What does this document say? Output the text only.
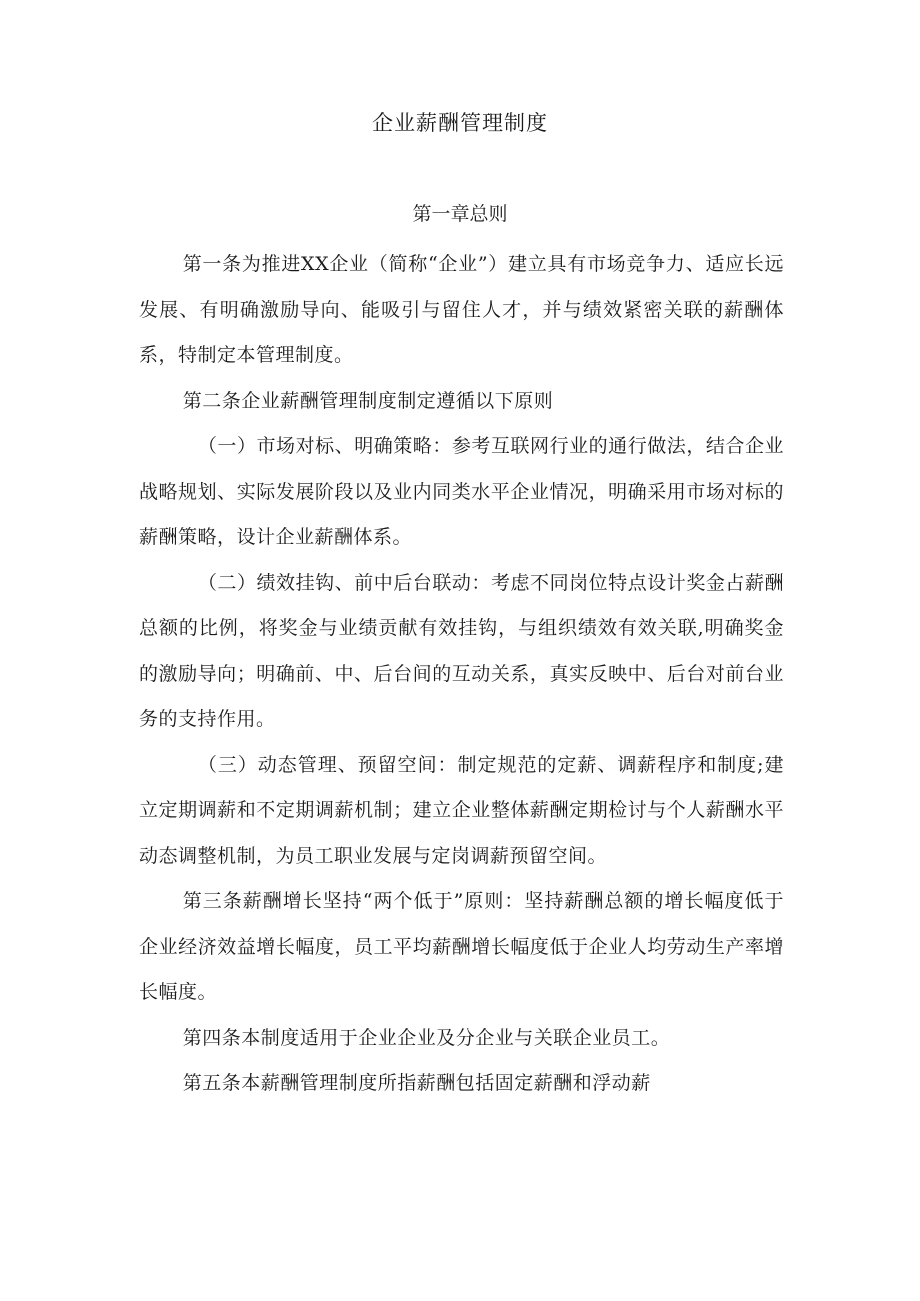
企业薪酬管理制度
第一章总则

第一条为推进XX企业（简称“企业”）建立具有市场竞争力、适应长远发展、有明确激励导向、能吸引与留住人才，并与绩效紧密关联的薪酬体系，特制定本管理制度。

第二条企业薪酬管理制度制定遵循以下原则

（一）市场对标、明确策略：参考互联网行业的通行做法，结合企业战略规划、实际发展阶段以及业内同类水平企业情况，明确采用市场对标的薪酬策略，设计企业薪酬体系。

（二）绩效挂钩、前中后台联动：考虑不同岗位特点设计奖金占薪酬总额的比例，将奖金与业绩贡献有效挂钩，与组织绩效有效关联,明确奖金的激励导向；明确前、中、后台间的互动关系，真实反映中、后台对前台业务的支持作用。

（三）动态管理、预留空间：制定规范的定薪、调薪程序和制度;建立定期调薪和不定期调薪机制；建立企业整体薪酬定期检讨与个人薪酬水平动态调整机制，为员工职业发展与定岗调薪预留空间。

第三条薪酬增长坚持“两个低于”原则：坚持薪酬总额的增长幅度低于企业经济效益增长幅度，员工平均薪酬增长幅度低于企业人均劳动生产率增长幅度。

第四条本制度适用于企业企业及分企业与关联企业员工。

第五条本薪酬管理制度所指薪酬包括固定薪酬和浮动薪
